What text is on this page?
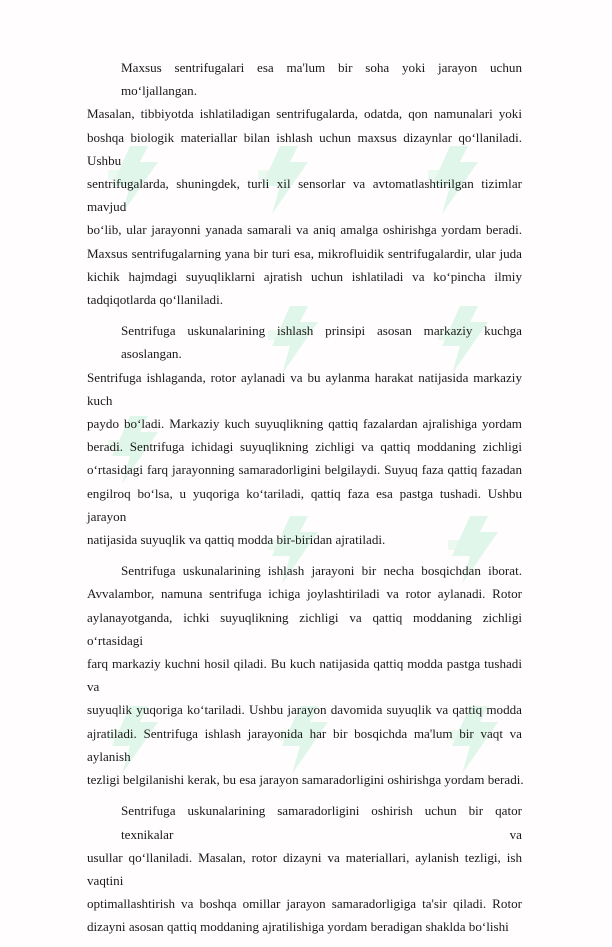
Maxsus sentrifugalari esa ma'lum bir soha yoki jarayon uchun mo‘ljallangan.
Masalan, tibbiyotda ishlatiladigan sentrifugalarda, odatda, qon namunalari yoki
boshqa biologik materiallar bilan ishlash uchun maxsus dizaynlar qo‘llaniladi. Ushbu
sentrifugalarda, shuningdek, turli xil sensorlar va avtomatlashtirilgan tizimlar mavjud
bo‘lib, ular jarayonni yanada samarali va aniq amalga oshirishga yordam beradi.
Maxsus sentrifugalarning yana bir turi esa, mikrofluidik sentrifugalardir, ular juda
kichik hajmdagi suyuqliklarni ajratish uchun ishlatiladi va ko‘pincha ilmiy
tadqiqotlarda qo‘llaniladi.

Sentrifuga uskunalarining ishlash prinsipi asosan markaziy kuchga asoslangan.
Sentrifuga ishlaganda, rotor aylanadi va bu aylanma harakat natijasida markaziy kuch
paydo bo‘ladi. Markaziy kuch suyuqlikning qattiq fazalardan ajralishiga yordam
beradi. Sentrifuga ichidagi suyuqlikning zichligi va qattiq moddaning zichligi
o‘rtasidagi farq jarayonning samaradorligini belgilaydi. Suyuq faza qattiq fazadan
engilroq bo‘lsa, u yuqoriga ko‘tariladi, qattiq faza esa pastga tushadi. Ushbu jarayon
natijasida suyuqlik va qattiq modda bir-biridan ajratiladi.

Sentrifuga uskunalarining ishlash jarayoni bir necha bosqichdan iborat.
Avvalambor, namuna sentrifuga ichiga joylashtiriladi va rotor aylanadi. Rotor
aylanayotganda, ichki suyuqlikning zichligi va qattiq moddaning zichligi o‘rtasidagi
farq markaziy kuchni hosil qiladi. Bu kuch natijasida qattiq modda pastga tushadi va
suyuqlik yuqoriga ko‘tariladi. Ushbu jarayon davomida suyuqlik va qattiq modda
ajratiladi. Sentrifuga ishlash jarayonida har bir bosqichda ma'lum bir vaqt va aylanish
tezligi belgilanishi kerak, bu esa jarayon samaradorligini oshirishga yordam beradi.

Sentrifuga uskunalarining samaradorligini oshirish uchun bir qator texnikalar va
usullar qo‘llaniladi. Masalan, rotor dizayni va materiallari, aylanish tezligi, ish vaqtini
optimallashtirish va boshqa omillar jarayon samaradorligiga ta'sir qiladi. Rotor
dizayni asosan qattiq moddaning ajratilishiga yordam beradigan shaklda bo‘lishi
